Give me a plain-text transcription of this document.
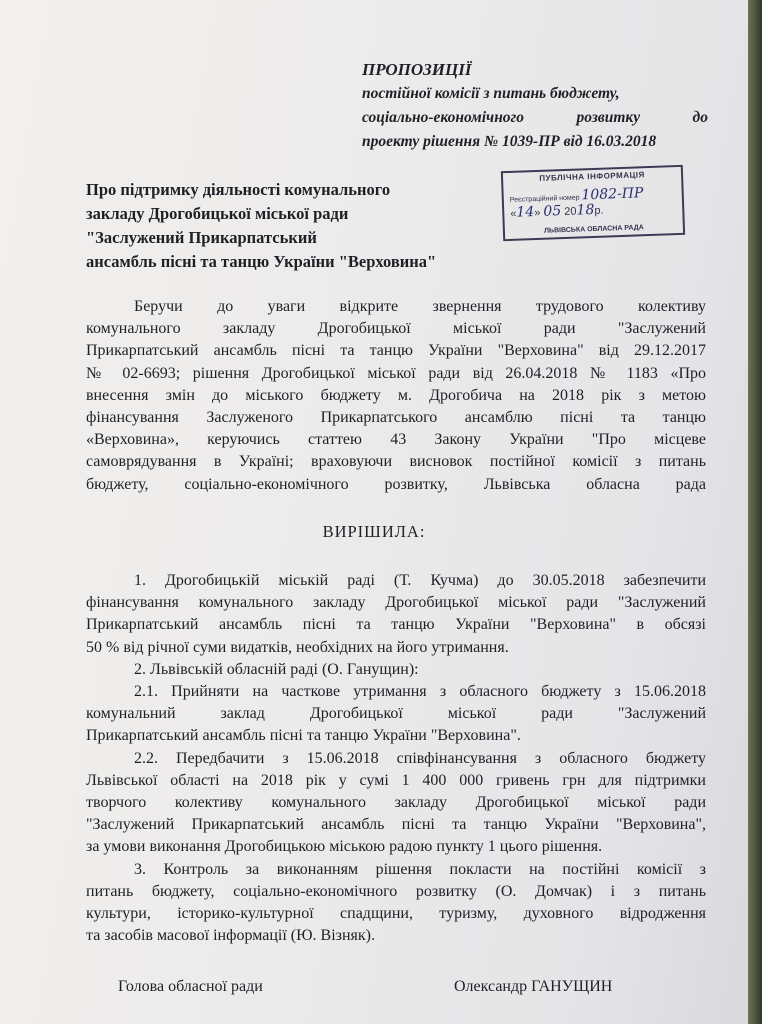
ПРОПОЗИЦІЇ
постійної комісії з питань бюджету,
соціально-економічного	розвитку	до
проекту рішення № 1039-ПР від 16.03.2018
Про підтримку діяльності комунального
закладу Дрогобицької міської ради
"Заслужений Прикарпатський
ансамбль пісні та танцю України "Верховина"
ПУБЛІЧНА ІНФОРМАЦІЯ
Реєстраційний номер 1082-ПР
«14» 05 2018р.
ЛЬВІВСЬКА ОБЛАСНА РАДА
Беручи до уваги відкрите звернення трудового колективу
комунального закладу Дрогобицької міської ради "Заслужений
Прикарпатський ансамбль пісні та танцю України "Верховина" від 29.12.2017
№ 02-6693; рішення Дрогобицької міської ради від 26.04.2018 № 1183 «Про
внесення змін до міського бюджету м. Дрогобича на 2018 рік з метою
фінансування Заслуженого Прикарпатського ансамблю пісні та танцю
«Верховина», керуючись статтею 43 Закону України "Про місцеве
самоврядування в Україні; враховуючи висновок постійної комісії з питань
бюджету, соціально-економічного розвитку, Львівська обласна рада
ВИРІШИЛА:
1. Дрогобицькій міській раді (Т. Кучма) до 30.05.2018 забезпечити
фінансування комунального закладу Дрогобицької міської ради "Заслужений
Прикарпатський ансамбль пісні та танцю України "Верховина" в обсязі
50 % від річної суми видатків, необхідних на його утримання.
2. Львівській обласній раді (О. Ганущин):
2.1. Прийняти на часткове утримання з обласного бюджету з 15.06.2018
комунальний заклад Дрогобицької міської ради "Заслужений
Прикарпатський ансамбль пісні та танцю України "Верховина".
2.2. Передбачити з 15.06.2018 співфінансування з обласного бюджету
Львівської області на 2018 рік у сумі 1 400 000 гривень грн для підтримки
творчого колективу комунального закладу Дрогобицької міської ради
"Заслужений Прикарпатський ансамбль пісні та танцю України "Верховина",
за умови виконання Дрогобицькою міською радою пункту 1 цього рішення.
3. Контроль за виконанням рішення покласти на постійні комісії з
питань бюджету, соціально-економічного розвитку (О. Домчак) і з питань
культури, історико-культурної спадщини, туризму, духовного відродження
та засобів масової інформації (Ю. Візняк).
Голова обласної ради	Олександр ГАНУЩИН
